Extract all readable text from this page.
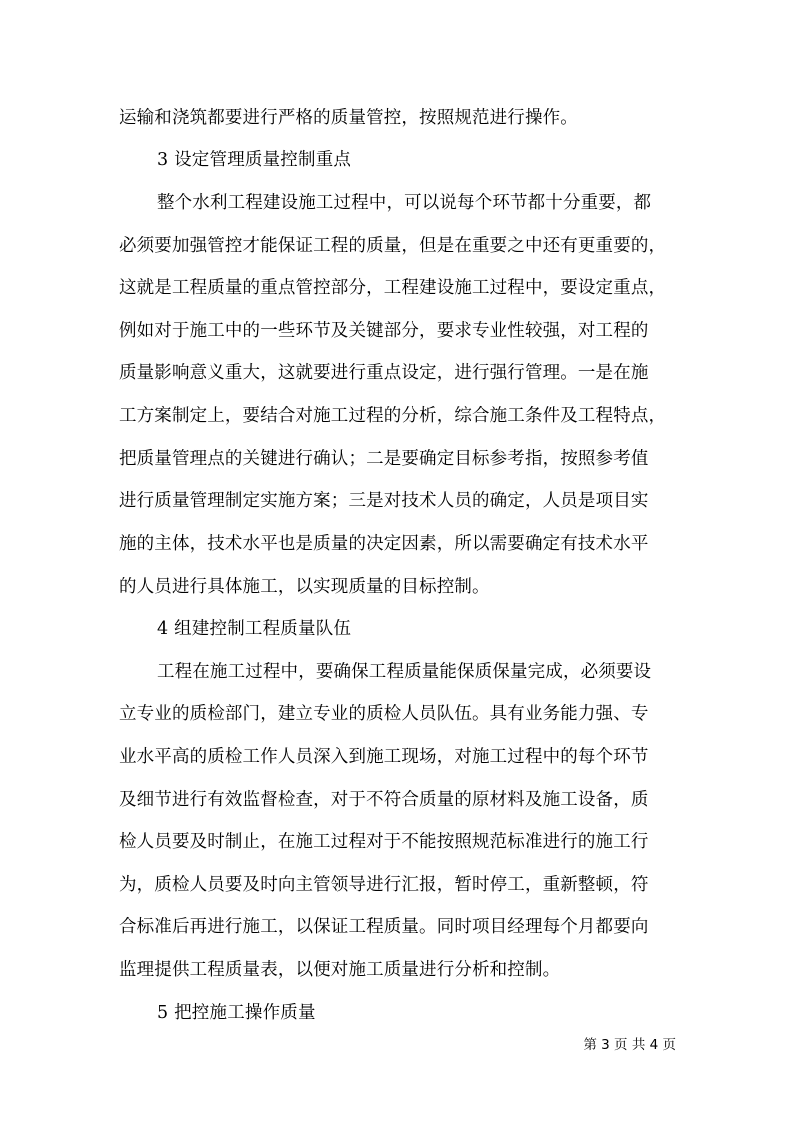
运输和浇筑都要进行严格的质量管控，按照规范进行操作。
3 设定管理质量控制重点
整个水利工程建设施工过程中，可以说每个环节都十分重要，都
必须要加强管控才能保证工程的质量，但是在重要之中还有更重要的，
这就是工程质量的重点管控部分，工程建设施工过程中，要设定重点，
例如对于施工中的一些环节及关键部分，要求专业性较强，对工程的
质量影响意义重大，这就要进行重点设定，进行强行管理。一是在施
工方案制定上，要结合对施工过程的分析，综合施工条件及工程特点，
把质量管理点的关键进行确认；二是要确定目标参考指，按照参考值
进行质量管理制定实施方案；三是对技术人员的确定，人员是项目实
施的主体，技术水平也是质量的决定因素，所以需要确定有技术水平
的人员进行具体施工，以实现质量的目标控制。
4 组建控制工程质量队伍
工程在施工过程中，要确保工程质量能保质保量完成，必须要设
立专业的质检部门，建立专业的质检人员队伍。具有业务能力强、专
业水平高的质检工作人员深入到施工现场，对施工过程中的每个环节
及细节进行有效监督检查，对于不符合质量的原材料及施工设备，质
检人员要及时制止，在施工过程对于不能按照规范标准进行的施工行
为，质检人员要及时向主管领导进行汇报，暂时停工，重新整顿，符
合标准后再进行施工，以保证工程质量。同时项目经理每个月都要向
监理提供工程质量表，以便对施工质量进行分析和控制。
5 把控施工操作质量
第 3 页 共 4 页
